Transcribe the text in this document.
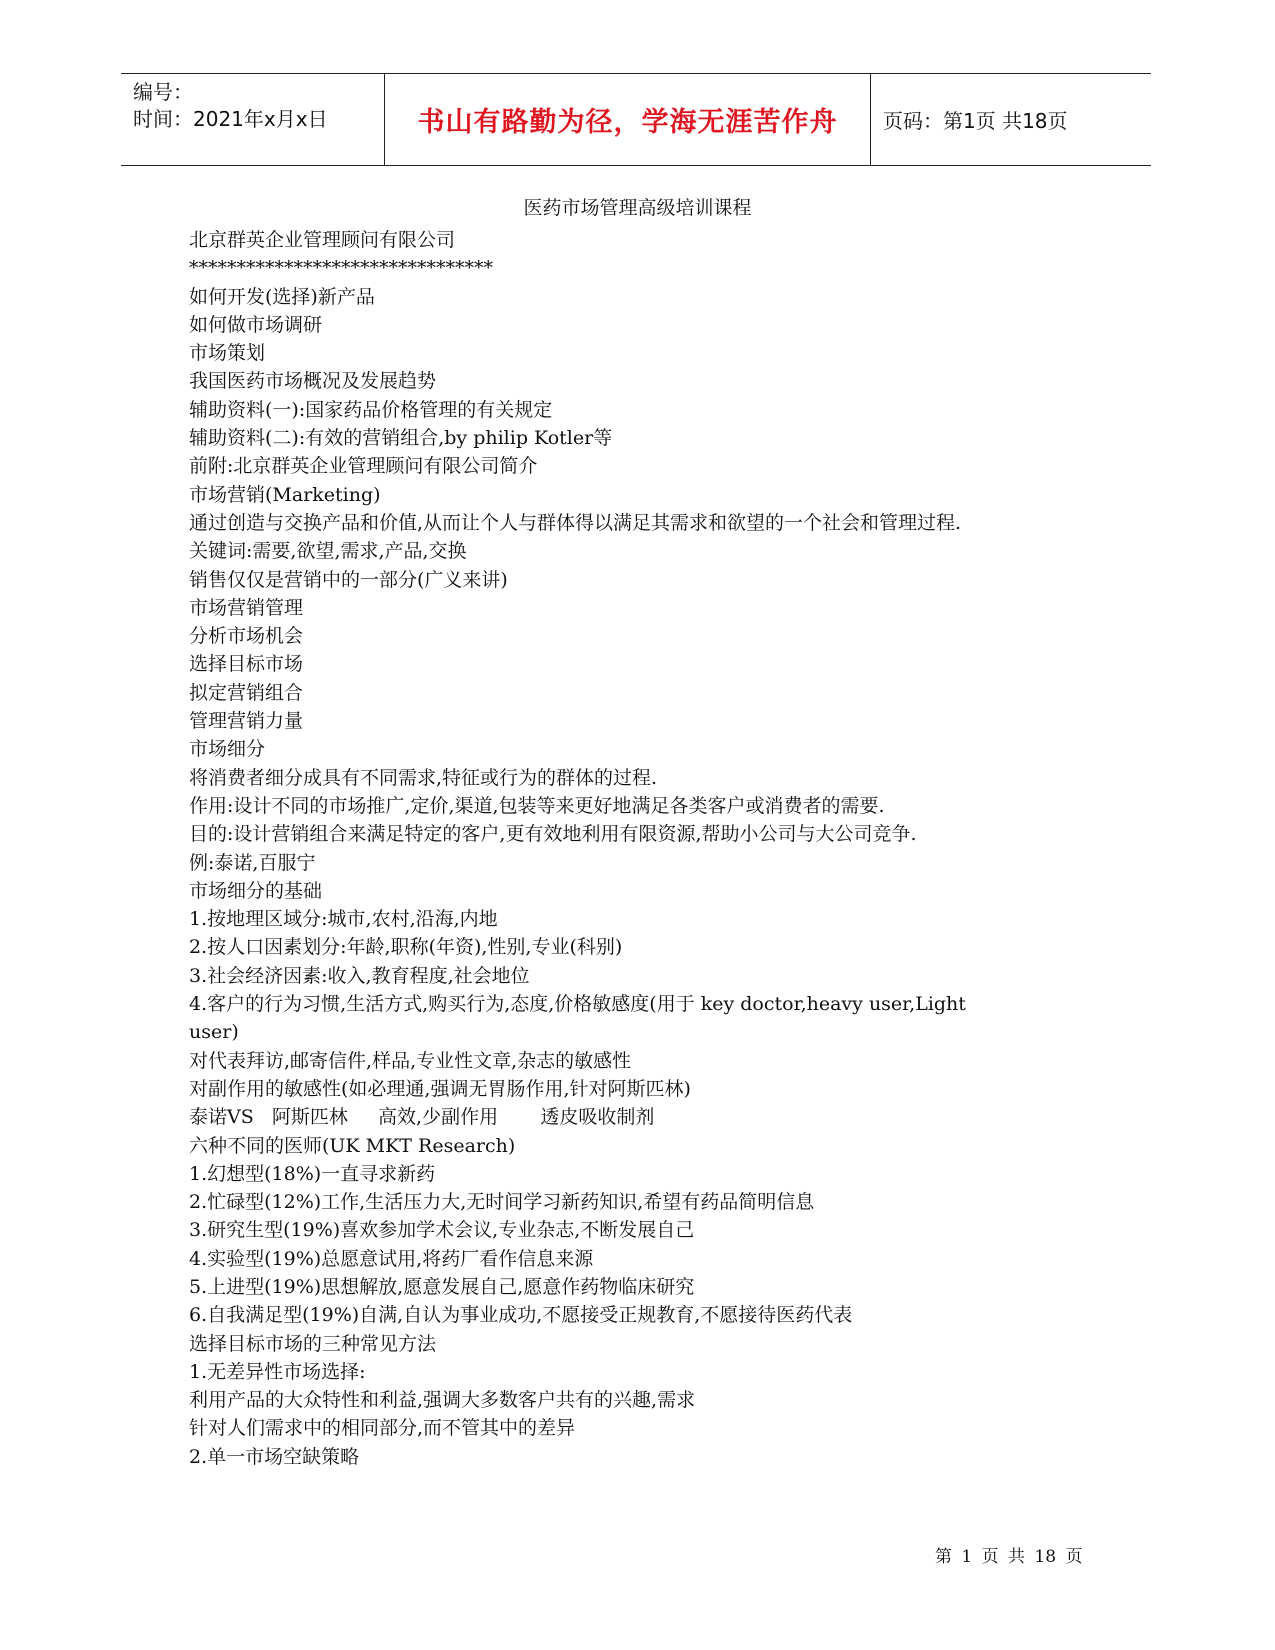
编号：
时间：2021年x月x日	书山有路勤为径，学海无涯苦作舟	页码：第1页 共18页
医药市场管理高级培训课程
北京群英企业管理顾问有限公司
********************************
如何开发(选择)新产品
如何做市场调研
市场策划
我国医药市场概况及发展趋势
辅助资料(一):国家药品价格管理的有关规定
辅助资料(二):有效的营销组合,by philip Kotler等
前附:北京群英企业管理顾问有限公司简介
市场营销(Marketing)
通过创造与交换产品和价值,从而让个人与群体得以满足其需求和欲望的一个社会和管理过程.
关键词:需要,欲望,需求,产品,交换
销售仅仅是营销中的一部分(广义来讲)
市场营销管理
分析市场机会
选择目标市场
拟定营销组合
管理营销力量
市场细分
将消费者细分成具有不同需求,特征或行为的群体的过程.
作用:设计不同的市场推广,定价,渠道,包装等来更好地满足各类客户或消费者的需要.
目的:设计营销组合来满足特定的客户,更有效地利用有限资源,帮助小公司与大公司竞争.
例:泰诺,百服宁
市场细分的基础
1.按地理区域分:城市,农村,沿海,内地
2.按人口因素划分:年龄,职称(年资),性别,专业(科别)
3.社会经济因素:收入,教育程度,社会地位
4.客户的行为习惯,生活方式,购买行为,态度,价格敏感度(用于 key doctor,heavy user,Light
user)
对代表拜访,邮寄信件,样品,专业性文章,杂志的敏感性
对副作用的敏感性(如必理通,强调无胃肠作用,针对阿斯匹林)
泰诺VS   阿斯匹林     高效,少副作用       透皮吸收制剂
六种不同的医师(UK MKT Research)
1.幻想型(18%)一直寻求新药
2.忙碌型(12%)工作,生活压力大,无时间学习新药知识,希望有药品简明信息
3.研究生型(19%)喜欢参加学术会议,专业杂志,不断发展自己
4.实验型(19%)总愿意试用,将药厂看作信息来源
5.上进型(19%)思想解放,愿意发展自己,愿意作药物临床研究
6.自我满足型(19%)自满,自认为事业成功,不愿接受正规教育,不愿接待医药代表
选择目标市场的三种常见方法
1.无差异性市场选择:
利用产品的大众特性和利益,强调大多数客户共有的兴趣,需求
针对人们需求中的相同部分,而不管其中的差异
2.单一市场空缺策略
第 1 页 共 18 页
